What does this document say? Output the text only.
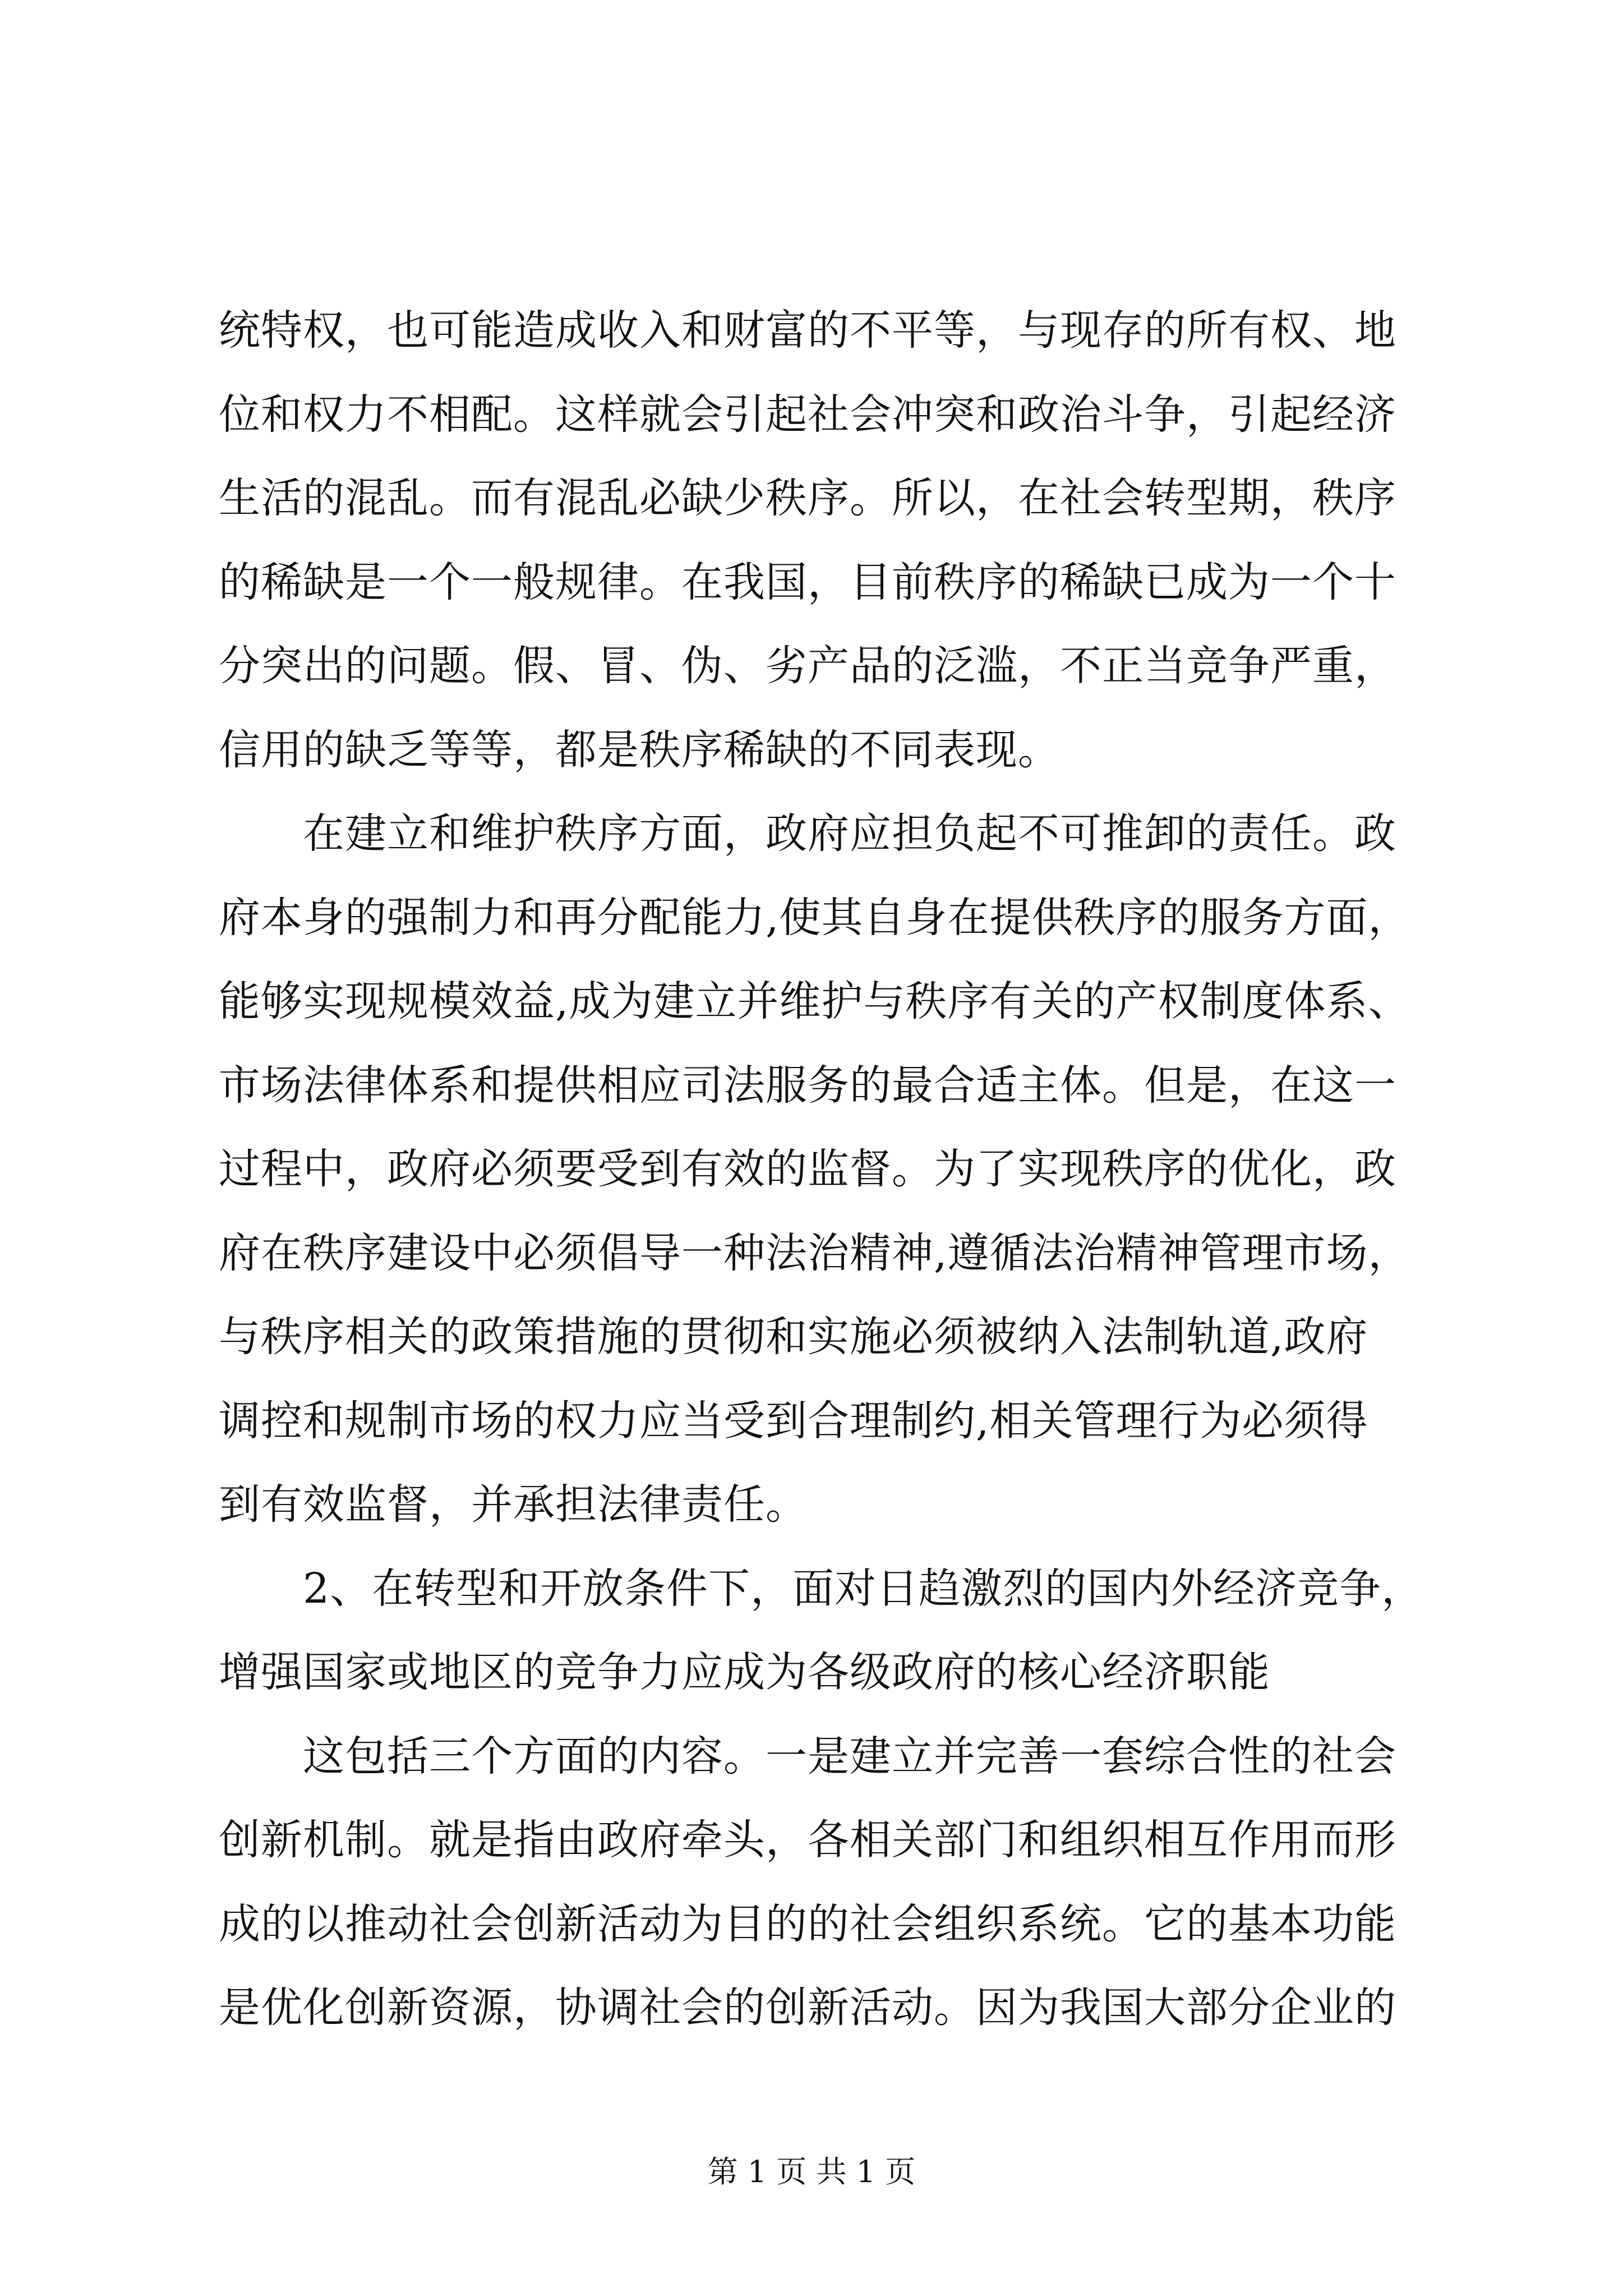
统特权，也可能造成收入和财富的不平等，与现存的所有权、地
位和权力不相配。这样就会引起社会冲突和政治斗争，引起经济
生活的混乱。而有混乱必缺少秩序。所以，在社会转型期，秩序
的稀缺是一个一般规律。在我国，目前秩序的稀缺已成为一个十
分突出的问题。假、冒、伪、劣产品的泛滥，不正当竞争严重，
信用的缺乏等等，都是秩序稀缺的不同表现。
　　在建立和维护秩序方面，政府应担负起不可推卸的责任。政
府本身的强制力和再分配能力,使其自身在提供秩序的服务方面，
能够实现规模效益,成为建立并维护与秩序有关的产权制度体系、
市场法律体系和提供相应司法服务的最合适主体。但是，在这一
过程中，政府必须要受到有效的监督。为了实现秩序的优化，政
府在秩序建设中必须倡导一种法治精神,遵循法治精神管理市场，
与秩序相关的政策措施的贯彻和实施必须被纳入法制轨道,政府
调控和规制市场的权力应当受到合理制约,相关管理行为必须得
到有效监督，并承担法律责任。
　　2、在转型和开放条件下，面对日趋激烈的国内外经济竞争，
增强国家或地区的竞争力应成为各级政府的核心经济职能
　　这包括三个方面的内容。一是建立并完善一套综合性的社会
创新机制。就是指由政府牵头，各相关部门和组织相互作用而形
成的以推动社会创新活动为目的的社会组织系统。它的基本功能
是优化创新资源，协调社会的创新活动。因为我国大部分企业的
第 1 页 共 1 页
